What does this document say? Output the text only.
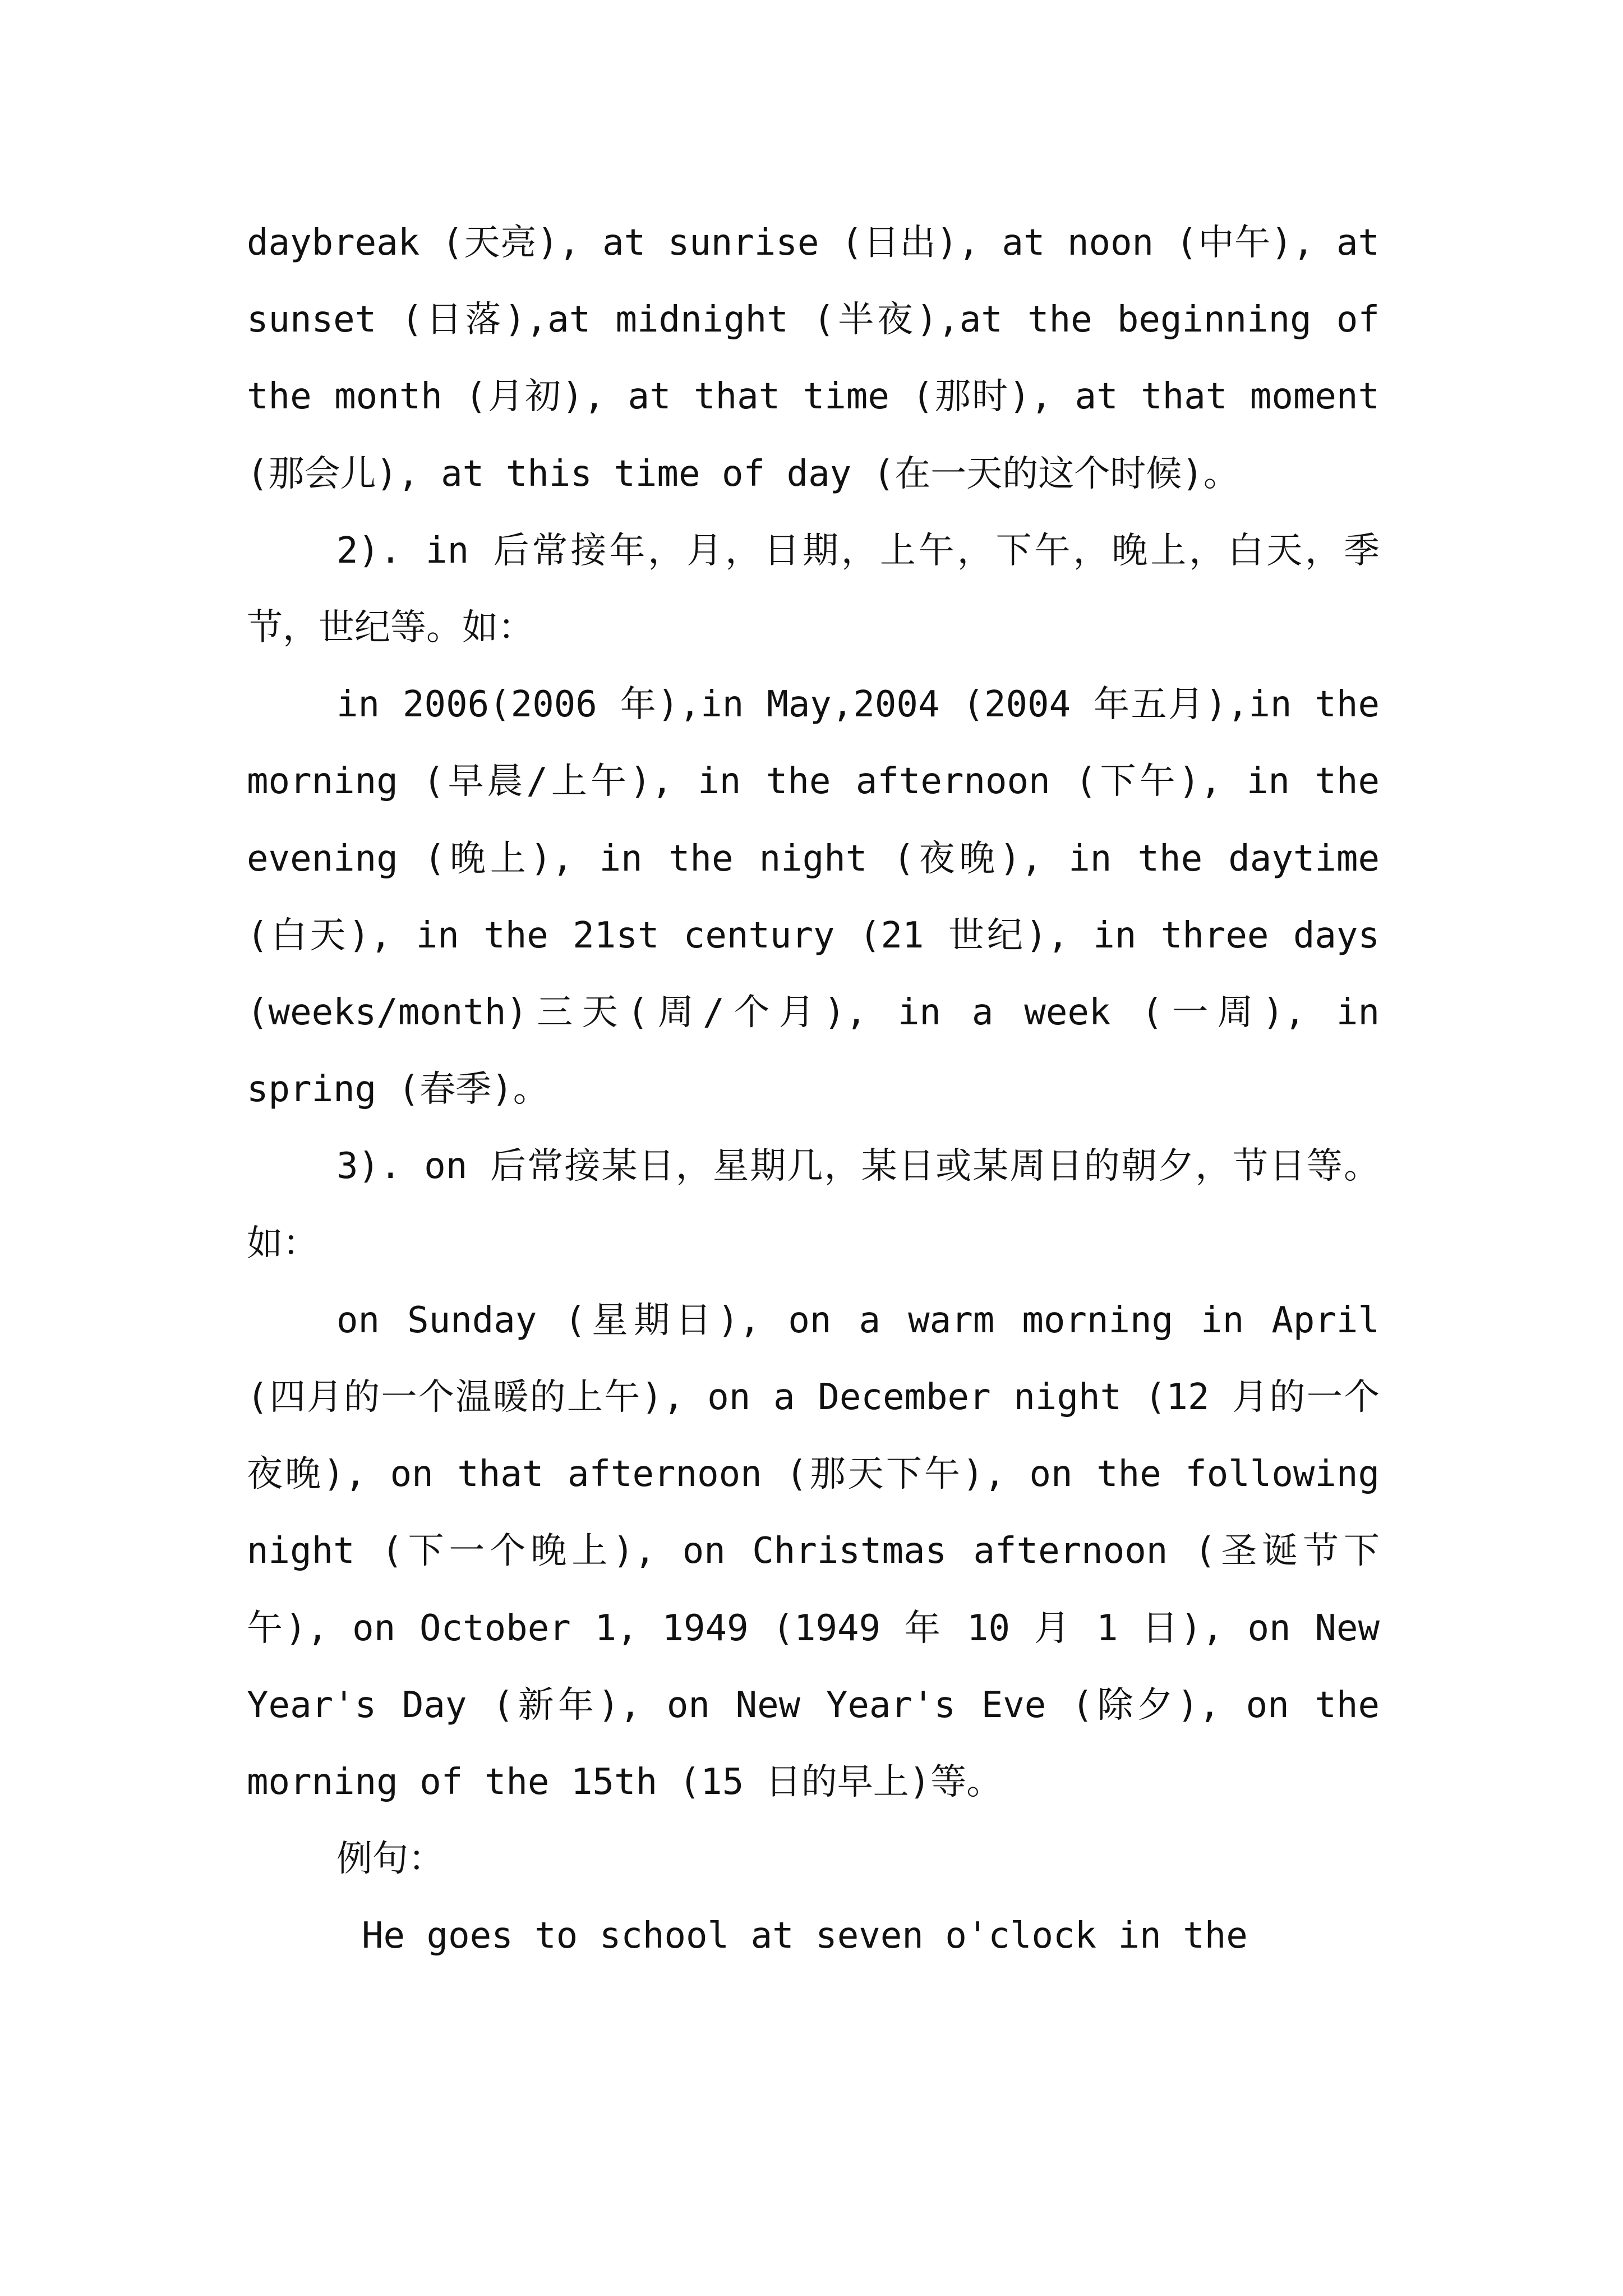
daybreak (天亮), at sunrise (日出), at noon (中午), at sunset (日落),at midnight (半夜),at the beginning of the month (月初), at that time (那时), at that moment (那会儿), at this time of day (在一天的这个时候)。

2). in 后常接年，月，日期，上午，下午，晚上，白天，季节，世纪等。如：

in 2006(2006 年),in May,2004 (2004 年五月),in the morning (早晨/上午), in the afternoon (下午), in the evening (晚上), in the night (夜晚), in the daytime (白天), in the 21st century (21 世纪), in three days (weeks/month)三天(周/个月), in a week (一周), in spring (春季)。

3). on 后常接某日，星期几，某日或某周日的朝夕，节日等。如：

on Sunday (星期日), on a warm morning in April (四月的一个温暖的上午), on a December night (12 月的一个夜晚), on that afternoon (那天下午), on the following night (下一个晚上), on Christmas afternoon (圣诞节下午), on October 1, 1949 (1949 年 10 月 1 日), on New Year's Day (新年), on New Year's Eve (除夕), on the morning of the 15th (15 日的早上)等。

例句：

He goes to school at seven o'clock in the
